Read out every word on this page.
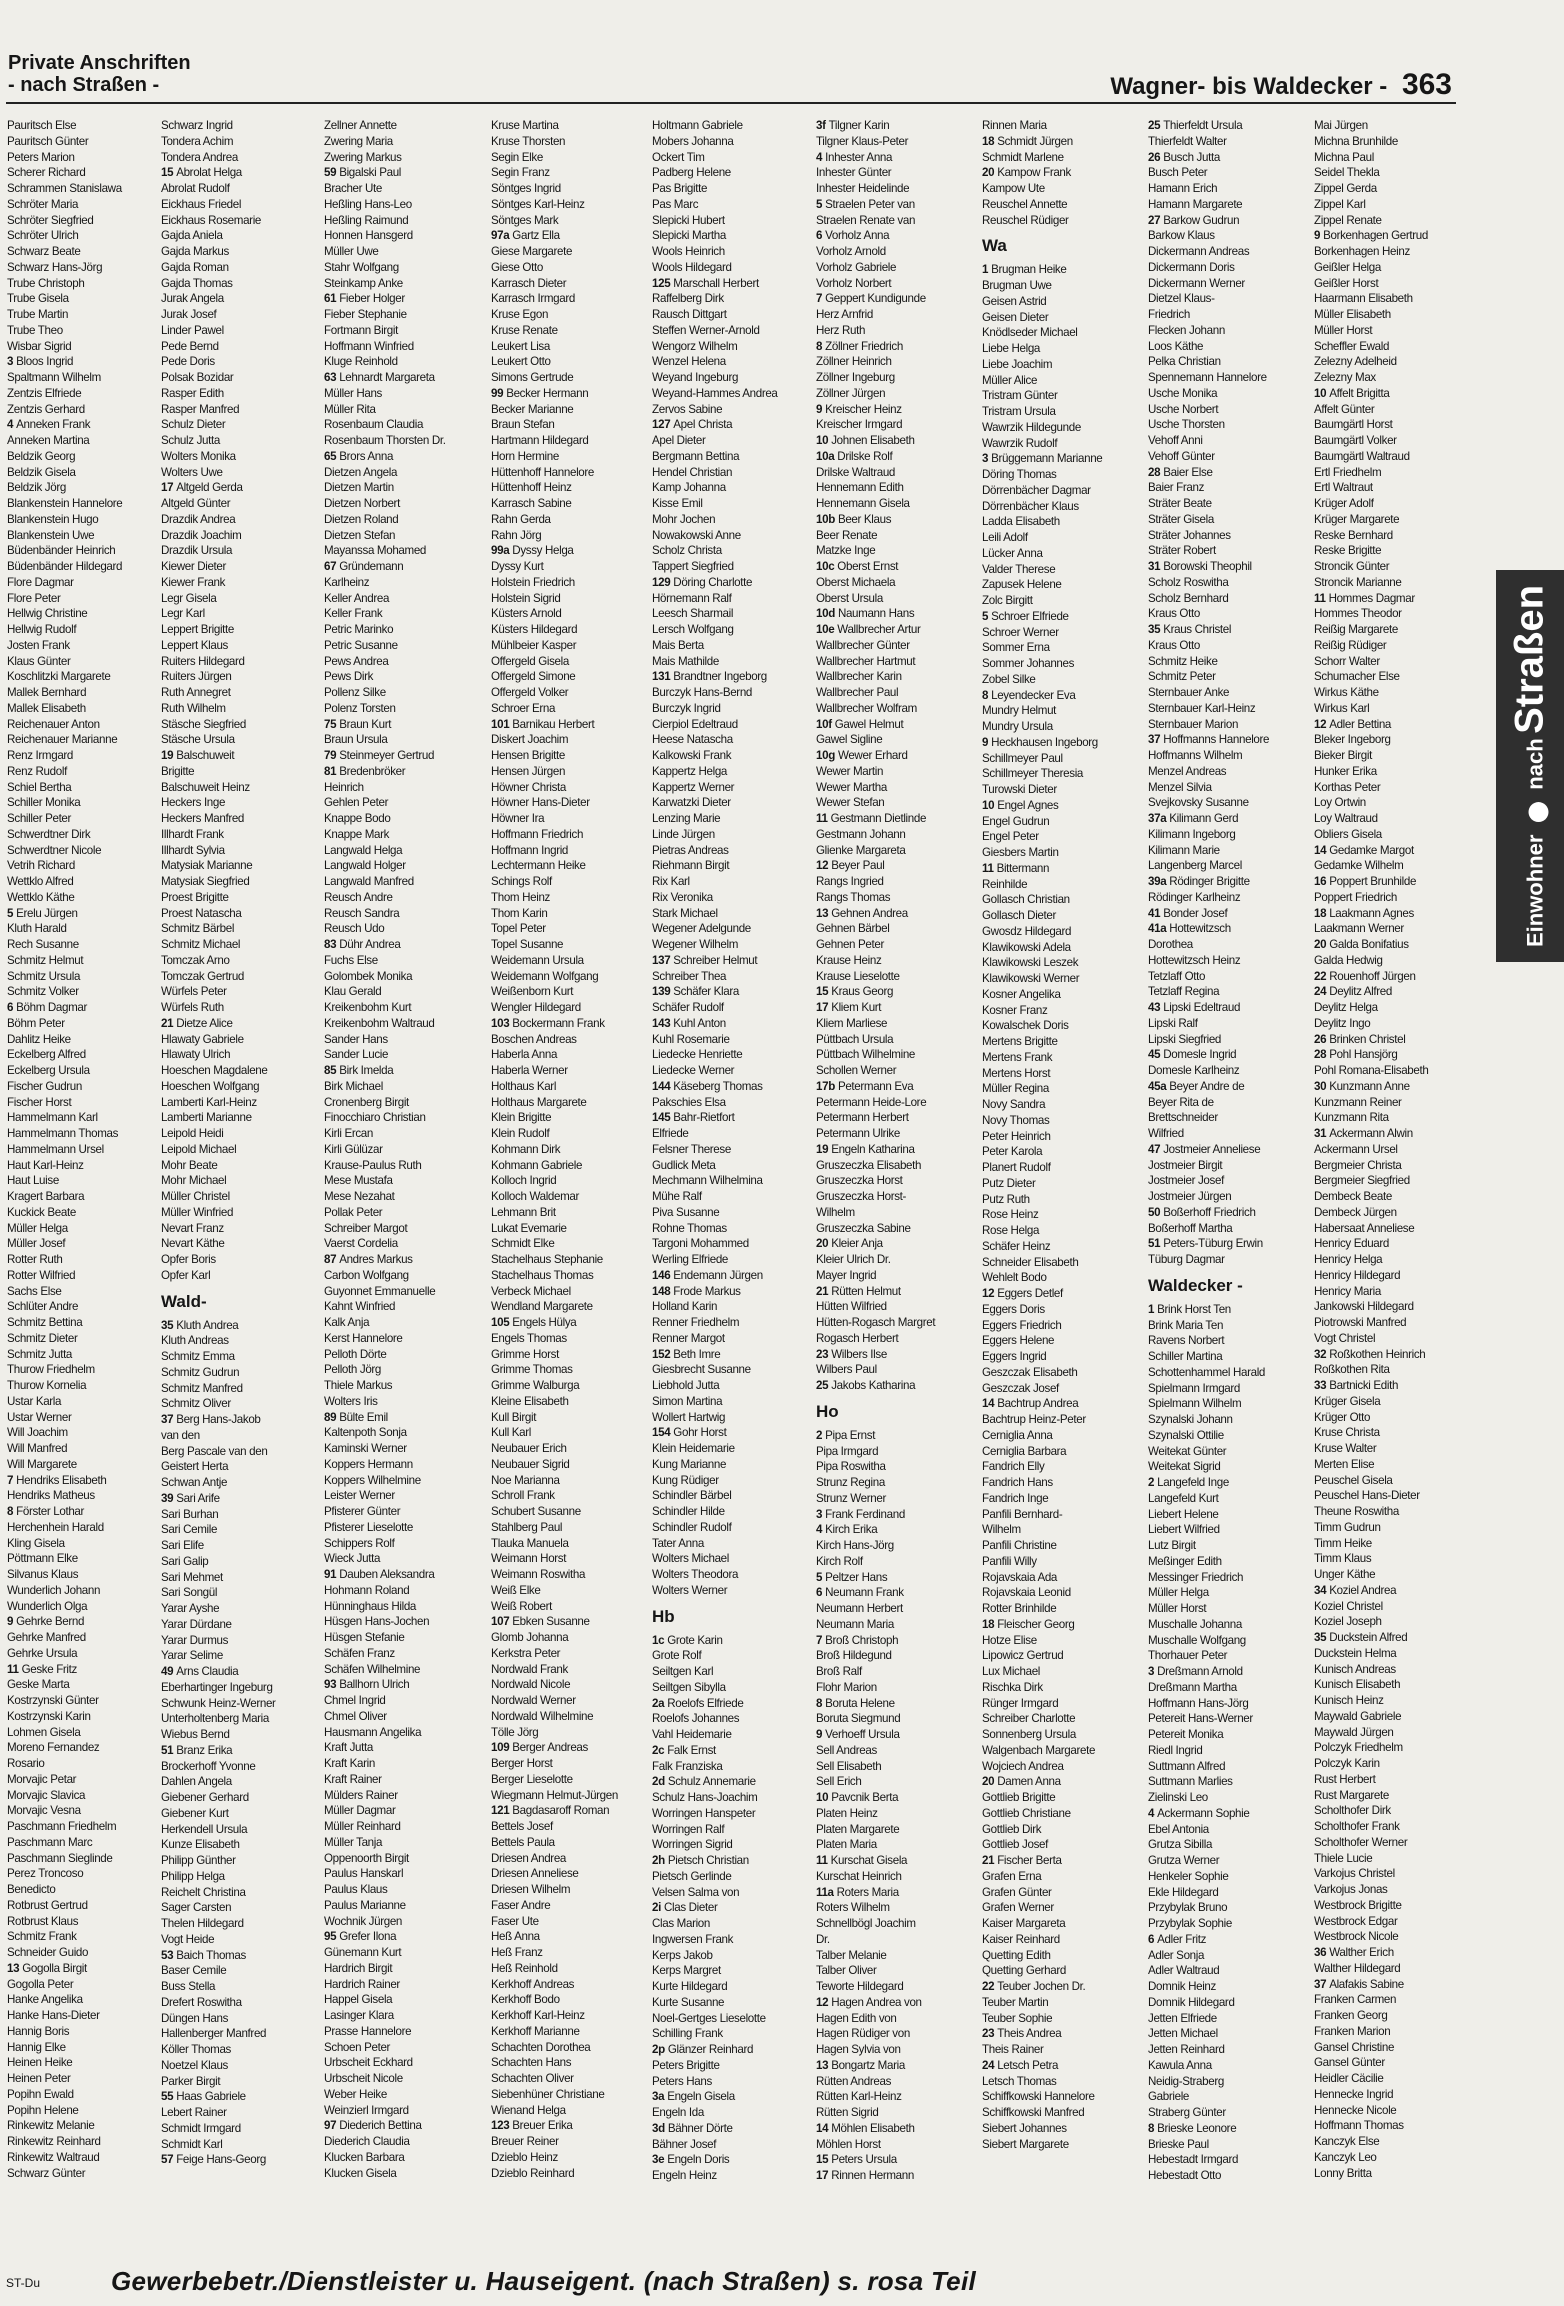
Private Anschriften
- nach Straßen -	Wagner- bis Waldecker - 363
Pauritsch Else
Pauritsch Günter
Peters Marion
Scherer Richard
Schrammen Stanislawa
Schröter Maria
Schröter Siegfried
Schröter Ulrich
Schwarz Beate
Schwarz Hans-Jörg
Trube Christoph
Trube Gisela
Trube Martin
Trube Theo
Wisbar Sigrid
3 Bloos Ingrid
Spaltmann Wilhelm
Zentzis Elfriede
Zentzis Gerhard
4 Anneken Frank
Anneken Martina
Beldzik Georg
Beldzik Gisela
Beldzik Jörg
Blankenstein Hannelore
Blankenstein Hugo
Blankenstein Uwe
Büdenbänder Heinrich
Büdenbänder Hildegard
Flore Dagmar
Flore Peter
Hellwig Christine
Hellwig Rudolf
Josten Frank
Klaus Günter
Koschlitzki Margarete
Mallek Bernhard
Mallek Elisabeth
Reichenauer Anton
Reichenauer Marianne
Renz Irmgard
Renz Rudolf
Schiel Bertha
Schiller Monika
Schiller Peter
Schwerdtner Dirk
Schwerdtner Nicole
Vetrih Richard
Wettklo Alfred
Wettklo Käthe
5 Erelu Jürgen
Kluth Harald
Rech Susanne
Schmitz Helmut
Schmitz Ursula
Schmitz Volker
6 Böhm Dagmar
Böhm Peter
Dahlitz Heike
Eckelberg Alfred
Eckelberg Ursula
Fischer Gudrun
Fischer Horst
Hammelmann Karl
Hammelmann Thomas
Hammelmann Ursel
Haut Karl-Heinz
Haut Luise
Kragert Barbara
Kuckick Beate
Müller Helga
Müller Josef
Rotter Ruth
Rotter Wilfried
Sachs Else
Schlüter Andre
Schmitz Bettina
Schmitz Dieter
Schmitz Jutta
Thurow Friedhelm
Thurow Kornelia
Ustar Karla
Ustar Werner
Will Joachim
Will Manfred
Will Margarete
7 Hendriks Elisabeth
Hendriks Matheus
8 Förster Lothar
Herchenhein Harald
Kling Gisela
Pöttmann Elke
Silvanus Klaus
Wunderlich Johann
Wunderlich Olga
9 Gehrke Bernd
Gehrke Manfred
Gehrke Ursula
11 Geske Fritz
Geske Marta
Kostrzynski Günter
Kostrzynski Karin
Lohmen Gisela
Moreno Fernandez
Rosario
Morvajic Petar
Morvajic Slavica
Morvajic Vesna
Paschmann Friedhelm
Paschmann Marc
Paschmann Sieglinde
Perez Troncoso
Benedicto
Rotbrust Gertrud
Rotbrust Klaus
Schmitz Frank
Schneider Guido
13 Gogolla Birgit
Gogolla Peter
Hanke Angelika
Hanke Hans-Dieter
Hannig Boris
Hannig Elke
Heinen Heike
Heinen Peter
Popihn Ewald
Popihn Helene
Rinkewitz Melanie
Rinkewitz Reinhard
Rinkewitz Waltraud
Schwarz Günter
Schwarz Ingrid
Tondera Achim
Tondera Andrea
15 Abrolat Helga
Abrolat Rudolf
Eickhaus Friedel
Eickhaus Rosemarie
Gajda Aniela
Gajda Markus
Gajda Roman
Gajda Thomas
Jurak Angela
Jurak Josef
Linder Pawel
Pede Bernd
Pede Doris
Polsak Bozidar
Rasper Edith
Rasper Manfred
Schulz Dieter
Schulz Jutta
Wolters Monika
Wolters Uwe
17 Altgeld Gerda
Altgeld Günter
Drazdik Andrea
Drazdik Joachim
Drazdik Ursula
Kiewer Dieter
Kiewer Frank
Legr Gisela
Legr Karl
Leppert Brigitte
Leppert Klaus
Ruiters Hildegard
Ruiters Jürgen
Ruth Annegret
Ruth Wilhelm
Stäsche Siegfried
Stäsche Ursula
19 Balschuweit
Brigitte
Balschuweit Heinz
Heckers Inge
Heckers Manfred
Illhardt Frank
Illhardt Sylvia
Matysiak Marianne
Matysiak Siegfried
Proest Brigitte
Proest Natascha
Schmitz Bärbel
Schmitz Michael
Tomczak Arno
Tomczak Gertrud
Würfels Peter
Würfels Ruth
21 Dietze Alice
Hlawaty Gabriele
Hlawaty Ulrich
Hoeschen Magdalene
Hoeschen Wolfgang
Lamberti Karl-Heinz
Lamberti Marianne
Leipold Heidi
Leipold Michael
Mohr Beate
Mohr Michael
Müller Christel
Müller Winfried
Nevart Franz
Nevart Käthe
Opfer Boris
Opfer Karl
Wald-
35 Kluth Andrea
Kluth Andreas
Schmitz Emma
Schmitz Gudrun
Schmitz Manfred
Schmitz Oliver
37 Berg Hans-Jakob
van den
Berg Pascale van den
Geistert Herta
Schwan Antje
39 Sari Arife
Sari Burhan
Sari Cemile
Sari Elife
Sari Galip
Sari Mehmet
Sari Songül
Yarar Ayshe
Yarar Dürdane
Yarar Durmus
Yarar Selime
49 Arns Claudia
Eberhartinger Ingeburg
Schwunk Heinz-Werner
Unterholtenberg Maria
Wiebus Bernd
51 Branz Erika
Brockerhoff Yvonne
Dahlen Angela
Giebener Gerhard
Giebener Kurt
Herkendell Ursula
Kunze Elisabeth
Philipp Günther
Philipp Helga
Reichelt Christina
Sager Carsten
Thelen Hildegard
Vogt Heide
53 Baich Thomas
Baser Cemile
Buss Stella
Drefert Roswitha
Düngen Hans
Hallenberger Manfred
Köller Thomas
Noetzel Klaus
Parker Birgit
55 Haas Gabriele
Lebert Rainer
Schmidt Irmgard
Schmidt Karl
57 Feige Hans-Georg
Zellner Annette
Zwering Maria
Zwering Markus
59 Bigalski Paul
Bracher Ute
Heßling Hans-Leo
Heßling Raimund
Honnen Hansgerd
Müller Uwe
Stahr Wolfgang
Steinkamp Anke
61 Fieber Holger
Fieber Stephanie
Fortmann Birgit
Hoffmann Winfried
Kluge Reinhold
63 Lehnardt Margareta
Müller Hans
Müller Rita
Rosenbaum Claudia
Rosenbaum Thorsten Dr.
65 Brors Anna
Dietzen Angela
Dietzen Martin
Dietzen Norbert
Dietzen Roland
Dietzen Stefan
Mayanssa Mohamed
67 Gründemann
Karlheinz
Keller Andrea
Keller Frank
Petric Marinko
Petric Susanne
Pews Andrea
Pews Dirk
Pollenz Silke
Polenz Torsten
75 Braun Kurt
Braun Ursula
79 Steinmeyer Gertrud
81 Bredenbröker
Heinrich
Gehlen Peter
Knappe Bodo
Knappe Mark
Langwald Helga
Langwald Holger
Langwald Manfred
Reusch Andre
Reusch Sandra
Reusch Udo
83 Dühr Andrea
Fuchs Else
Golombek Monika
Klau Gerald
Kreikenbohm Kurt
Kreikenbohm Waltraud
Sander Hans
Sander Lucie
85 Birk Imelda
Birk Michael
Cronenberg Birgit
Finocchiaro Christian
Kirli Ercan
Kirli Gülüzar
Krause-Paulus Ruth
Mese Mustafa
Mese Nezahat
Pollak Peter
Schreiber Margot
Vaerst Cordelia
87 Andres Markus
Carbon Wolfgang
Guyonnet Emmanuelle
Kahnt Winfried
Kalk Anja
Kerst Hannelore
Pelloth Dörte
Pelloth Jörg
Thiele Markus
Wolters Iris
89 Bülte Emil
Kaltenpoth Sonja
Kaminski Werner
Koppers Hermann
Koppers Wilhelmine
Leister Werner
Pfisterer Günter
Pfisterer Lieselotte
Schippers Rolf
Wieck Jutta
91 Dauben Aleksandra
Hohmann Roland
Hünninghaus Hilda
Hüsgen Hans-Jochen
Hüsgen Stefanie
Schäfen Franz
Schäfen Wilhelmine
93 Ballhorn Ulrich
Chmel Ingrid
Chmel Oliver
Hausmann Angelika
Kraft Jutta
Kraft Karin
Kraft Rainer
Mülders Rainer
Müller Dagmar
Müller Reinhard
Müller Tanja
Oppenoorth Birgit
Paulus Hanskarl
Paulus Klaus
Paulus Marianne
Wochnik Jürgen
95 Grefer Ilona
Günemann Kurt
Hardrich Birgit
Hardrich Rainer
Happel Gisela
Lasinger Klara
Prasse Hannelore
Schoen Peter
Urbscheit Eckhard
Urbscheit Nicole
Weber Heike
Weinzierl Irmgard
97 Diederich Bettina
Diederich Claudia
Klucken Barbara
Klucken Gisela
Kruse Martina
Kruse Thorsten
Segin Elke
Segin Franz
Söntges Ingrid
Söntges Karl-Heinz
Söntges Mark
97a Gartz Ella
Giese Margarete
Giese Otto
Karrasch Dieter
Karrasch Irmgard
Kruse Egon
Kruse Renate
Leukert Lisa
Leukert Otto
Simons Gertrude
99 Becker Hermann
Becker Marianne
Braun Stefan
Hartmann Hildegard
Horn Hermine
Hüttenhoff Hannelore
Hüttenhoff Heinz
Karrasch Sabine
Rahn Gerda
Rahn Jörg
99a Dyssy Helga
Dyssy Kurt
Holstein Friedrich
Holstein Sigrid
Küsters Arnold
Küsters Hildegard
Mühlbeier Kasper
Offergeld Gisela
Offergeld Simone
Offergeld Volker
Schroer Erna
101 Barnikau Herbert
Diskert Joachim
Hensen Brigitte
Hensen Jürgen
Höwner Christa
Höwner Hans-Dieter
Höwner Ira
Hoffmann Friedrich
Hoffmann Ingrid
Lechtermann Heike
Schings Rolf
Thom Heinz
Thom Karin
Topel Peter
Topel Susanne
Weidemann Ursula
Weidemann Wolfgang
Weißenborn Kurt
Wengler Hildegard
103 Bockermann Frank
Boschen Andreas
Haberla Anna
Haberla Werner
Holthaus Karl
Holthaus Margarete
Klein Brigitte
Klein Rudolf
Kohmann Dirk
Kohmann Gabriele
Kolloch Ingrid
Kolloch Waldemar
Lehmann Brit
Lukat Evemarie
Schmidt Elke
Stachelhaus Stephanie
Stachelhaus Thomas
Verbeck Michael
Wendland Margarete
105 Engels Hülya
Engels Thomas
Grimme Horst
Grimme Thomas
Grimme Walburga
Kleine Elisabeth
Kull Birgit
Kull Karl
Neubauer Erich
Neubauer Sigrid
Noe Marianna
Schroll Frank
Schubert Susanne
Stahlberg Paul
Tlauka Manuela
Weimann Horst
Weimann Roswitha
Weiß Elke
Weiß Robert
107 Ebken Susanne
Glomb Johanna
Kerkstra Peter
Nordwald Frank
Nordwald Nicole
Nordwald Werner
Nordwald Wilhelmine
Tölle Jörg
109 Berger Andreas
Berger Horst
Berger Lieselotte
Wiegmann Helmut-Jürgen
121 Bagdasaroff Roman
Bettels Josef
Bettels Paula
Driesen Andrea
Driesen Anneliese
Driesen Wilhelm
Faser Andre
Faser Ute
Heß Anna
Heß Franz
Heß Reinhold
Kerkhoff Andreas
Kerkhoff Bodo
Kerkhoff Karl-Heinz
Kerkhoff Marianne
Schachten Dorothea
Schachten Hans
Schachten Oliver
Siebenhüner Christiane
Wienand Helga
123 Breuer Erika
Breuer Reiner
Dzieblo Heinz
Dzieblo Reinhard
Holtmann Gabriele
Mobers Johanna
Ockert Tim
Padberg Helene
Pas Brigitte
Pas Marc
Slepicki Hubert
Slepicki Martha
Wools Heinrich
Wools Hildegard
125 Marschall Herbert
Raffelberg Dirk
Rausch Dittgart
Steffen Werner-Arnold
Wengorz Wilhelm
Wenzel Helena
Weyand Ingeburg
Weyand-Hammes Andrea
Zervos Sabine
127 Apel Christa
Apel Dieter
Bergmann Bettina
Hendel Christian
Kamp Johanna
Kisse Emil
Mohr Jochen
Nowakowski Anne
Scholz Christa
Tappert Siegfried
129 Döring Charlotte
Hörnemann Ralf
Leesch Sharmail
Lersch Wolfgang
Mais Berta
Mais Mathilde
131 Brandtner Ingeborg
Burczyk Hans-Bernd
Burczyk Ingrid
Cierpiol Edeltraud
Heese Natascha
Kalkowski Frank
Kappertz Helga
Kappertz Werner
Karwatzki Dieter
Lenzing Marie
Linde Jürgen
Pietras Andreas
Riehmann Birgit
Rix Karl
Rix Veronika
Stark Michael
Wegener Adelgunde
Wegener Wilhelm
137 Schreiber Helmut
Schreiber Thea
139 Schäfer Klara
Schäfer Rudolf
143 Kuhl Anton
Kuhl Rosemarie
Liedecke Henriette
Liedecke Werner
144 Käseberg Thomas
Pakschies Elsa
145 Bahr-Rietfort
Elfriede
Felsner Therese
Gudlick Meta
Mechmann Wilhelmina
Mühe Ralf
Piva Susanne
Rohne Thomas
Targoni Mohammed
Werling Elfriede
146 Endemann Jürgen
148 Frode Markus
Holland Karin
Renner Friedhelm
Renner Margot
152 Beth Imre
Giesbrecht Susanne
Liebhold Jutta
Simon Martina
Wollert Hartwig
154 Gohr Horst
Klein Heidemarie
Kung Marianne
Kung Rüdiger
Schindler Bärbel
Schindler Hilde
Schindler Rudolf
Tater Anna
Wolters Michael
Wolters Theodora
Wolters Werner
Hb
1c Grote Karin
Grote Rolf
Seiltgen Karl
Seiltgen Sibylla
2a Roelofs Elfriede
Roelofs Johannes
Vahl Heidemarie
2c Falk Ernst
Falk Franziska
2d Schulz Annemarie
Schulz Hans-Joachim
Worringen Hanspeter
Worringen Ralf
Worringen Sigrid
2h Pietsch Christian
Pietsch Gerlinde
Velsen Salma von
2i Clas Dieter
Clas Marion
Ingwersen Frank
Kerps Jakob
Kerps Margret
Kurte Hildegard
Kurte Susanne
Noel-Gertges Lieselotte
Schilling Frank
2p Glänzer Reinhard
Peters Brigitte
Peters Hans
3a Engeln Gisela
Engeln Ida
3d Bähner Dörte
Bähner Josef
3e Engeln Doris
Engeln Heinz
3f Tilgner Karin
Tilgner Klaus-Peter
4 Inhester Anna
Inhester Günter
Inhester Heidelinde
5 Straelen Peter van
Straelen Renate van
6 Vorholz Anna
Vorholz Arnold
Vorholz Gabriele
Vorholz Norbert
7 Geppert Kundigunde
Herz Arnfrid
Herz Ruth
8 Zöllner Friedrich
Zöllner Heinrich
Zöllner Ingeburg
Zöllner Jürgen
9 Kreischer Heinz
Kreischer Irmgard
10 Johnen Elisabeth
10a Drilske Rolf
Drilske Waltraud
Hennemann Edith
Hennemann Gisela
10b Beer Klaus
Beer Renate
Matzke Inge
10c Oberst Ernst
Oberst Michaela
Oberst Ursula
10d Naumann Hans
10e Wallbrecher Artur
Wallbrecher Günter
Wallbrecher Hartmut
Wallbrecher Karin
Wallbrecher Paul
Wallbrecher Wolfram
10f Gawel Helmut
Gawel Sigline
10g Wewer Erhard
Wewer Martin
Wewer Martha
Wewer Stefan
11 Gestmann Dietlinde
Gestmann Johann
Glienke Margareta
12 Beyer Paul
Rangs Ingried
Rangs Thomas
13 Gehnen Andrea
Gehnen Bärbel
Gehnen Peter
Krause Heinz
Krause Lieselotte
15 Kraus Georg
17 Kliem Kurt
Kliem Marliese
Püttbach Ursula
Püttbach Wilhelmine
Schollen Werner
17b Petermann Eva
Petermann Heide-Lore
Petermann Herbert
Petermann Ulrike
19 Engeln Katharina
Gruszeczka Elisabeth
Gruszeczka Horst
Gruszeczka Horst-
Wilhelm
Gruszeczka Sabine
20 Kleier Anja
Kleier Ulrich Dr.
Mayer Ingrid
21 Rütten Helmut
Hütten Wilfried
Hütten-Rogasch Margret
Rogasch Herbert
23 Wilbers Ilse
Wilbers Paul
25 Jakobs Katharina
Ho
2 Pipa Ernst
Pipa Irmgard
Pipa Roswitha
Strunz Regina
Strunz Werner
3 Frank Ferdinand
4 Kirch Erika
Kirch Hans-Jörg
Kirch Rolf
5 Peltzer Hans
6 Neumann Frank
Neumann Herbert
Neumann Maria
7 Broß Christoph
Broß Hildegund
Broß Ralf
Flohr Marion
8 Boruta Helene
Boruta Siegmund
9 Verhoeff Ursula
Sell Andreas
Sell Elisabeth
Sell Erich
10 Pavcnik Berta
Platen Heinz
Platen Margarete
Platen Maria
11 Kurschat Gisela
Kurschat Heinrich
11a Roters Maria
Roters Wilhelm
Schnellbögl Joachim
Dr.
Talber Melanie
Talber Oliver
Teworte Hildegard
12 Hagen Andrea von
Hagen Edith von
Hagen Rüdiger von
Hagen Sylvia von
13 Bongartz Maria
Rütten Andreas
Rütten Karl-Heinz
Rütten Sigrid
14 Möhlen Elisabeth
Möhlen Horst
15 Peters Ursula
17 Rinnen Hermann
Rinnen Maria
18 Schmidt Jürgen
Schmidt Marlene
20 Kampow Frank
Kampow Ute
Reuschel Annette
Reuschel Rüdiger
Wa
1 Brugman Heike
Brugman Uwe
Geisen Astrid
Geisen Dieter
Knödlseder Michael
Liebe Helga
Liebe Joachim
Müller Alice
Tristram Günter
Tristram Ursula
Wawrzik Hildegunde
Wawrzik Rudolf
3 Brüggemann Marianne
Döring Thomas
Dörrenbächer Dagmar
Dörrenbächer Klaus
Ladda Elisabeth
Leili Adolf
Lücker Anna
Valder Therese
Zapusek Helene
Zolc Birgitt
5 Schroer Elfriede
Schroer Werner
Sommer Erna
Sommer Johannes
Zobel Silke
8 Leyendecker Eva
Mundry Helmut
Mundry Ursula
9 Heckhausen Ingeborg
Schillmeyer Paul
Schillmeyer Theresia
Turowski Dieter
10 Engel Agnes
Engel Gudrun
Engel Peter
Giesbers Martin
11 Bittermann
Reinhilde
Gollasch Christian
Gollasch Dieter
Gwosdz Hildegard
Klawikowski Adela
Klawikowski Leszek
Klawikowski Werner
Kosner Angelika
Kosner Franz
Kowalschek Doris
Mertens Brigitte
Mertens Frank
Mertens Horst
Müller Regina
Novy Sandra
Novy Thomas
Peter Heinrich
Peter Karola
Planert Rudolf
Putz Dieter
Putz Ruth
Rose Heinz
Rose Helga
Schäfer Heinz
Schneider Elisabeth
Wehlelt Bodo
12 Eggers Detlef
Eggers Doris
Eggers Friedrich
Eggers Helene
Eggers Ingrid
Geszczak Elisabeth
Geszczak Josef
14 Bachtrup Andrea
Bachtrup Heinz-Peter
Cerniglia Anna
Cerniglia Barbara
Fandrich Elly
Fandrich Hans
Fandrich Inge
Panfili Bernhard-
Wilhelm
Panfili Christine
Panfili Willy
Rojavskaia Ada
Rojavskaia Leonid
Rotter Brinhilde
18 Fleischer Georg
Hotze Elise
Lipowicz Gertrud
Lux Michael
Rischka Dirk
Rünger Irmgard
Schreiber Charlotte
Sonnenberg Ursula
Walgenbach Margarete
Wojciech Andrea
20 Damen Anna
Gottlieb Brigitte
Gottlieb Christiane
Gottlieb Dirk
Gottlieb Josef
21 Fischer Berta
Grafen Erna
Grafen Günter
Grafen Werner
Kaiser Margareta
Kaiser Reinhard
Quetting Edith
Quetting Gerhard
22 Teuber Jochen Dr.
Teuber Martin
Teuber Sophie
23 Theis Andrea
Theis Rainer
24 Letsch Petra
Letsch Thomas
Schiffkowski Hannelore
Schiffkowski Manfred
Siebert Johannes
Siebert Margarete
25 Thierfeldt Ursula
Thierfeldt Walter
26 Busch Jutta
Busch Peter
Hamann Erich
Hamann Margarete
27 Barkow Gudrun
Barkow Klaus
Dickermann Andreas
Dickermann Doris
Dickermann Werner
Dietzel Klaus-
Friedrich
Flecken Johann
Loos Käthe
Pelka Christian
Spennemann Hannelore
Usche Monika
Usche Norbert
Usche Thorsten
Vehoff Anni
Vehoff Günter
28 Baier Else
Baier Franz
Sträter Beate
Sträter Gisela
Sträter Johannes
Sträter Robert
31 Borowski Theophil
Scholz Roswitha
Scholz Bernhard
Kraus Otto
35 Kraus Christel
Kraus Otto
Schmitz Heike
Schmitz Peter
Sternbauer Anke
Sternbauer Karl-Heinz
Sternbauer Marion
37 Hoffmanns Hannelore
Hoffmanns Wilhelm
Menzel Andreas
Menzel Silvia
Svejkovsky Susanne
37a Kilimann Gerd
Kilimann Ingeborg
Kilimann Marie
Langenberg Marcel
39a Rödinger Brigitte
Rödinger Karlheinz
41 Bonder Josef
41a Hottewitzsch
Dorothea
Hottewitzsch Heinz
Tetzlaff Otto
Tetzlaff Regina
43 Lipski Edeltraud
Lipski Ralf
Lipski Siegfried
45 Domesle Ingrid
Domesle Karlheinz
45a Beyer Andre de
Beyer Rita de
Brettschneider
Wilfried
47 Jostmeier Anneliese
Jostmeier Birgit
Jostmeier Josef
Jostmeier Jürgen
50 Boßerhoff Friedrich
Boßerhoff Martha
51 Peters-Tüburg Erwin
Tüburg Dagmar
Waldecker -
1 Brink Horst Ten
Brink Maria Ten
Ravens Norbert
Schiller Martina
Schottenhammel Harald
Spielmann Irmgard
Spielmann Wilhelm
Szynalski Johann
Szynalski Ottilie
Weitekat Günter
Weitekat Sigrid
2 Langefeld Inge
Langefeld Kurt
Liebert Helene
Liebert Wilfried
Lutz Birgit
Meßinger Edith
Messinger Friedrich
Müller Helga
Müller Horst
Muschalle Johanna
Muschalle Wolfgang
Thorhauer Peter
3 Dreßmann Arnold
Dreßmann Martha
Hoffmann Hans-Jörg
Petereit Hans-Werner
Petereit Monika
Riedl Ingrid
Suttmann Alfred
Suttmann Marlies
Zielinski Leo
4 Ackermann Sophie
Ebel Antonia
Grutza Sibilla
Grutza Werner
Henkeler Sophie
Ekle Hildegard
Przybylak Bruno
Przybylak Sophie
6 Adler Fritz
Adler Sonja
Adler Waltraud
Domnik Heinz
Domnik Hildegard
Jetten Elfriede
Jetten Michael
Jetten Reinhard
Kawula Anna
Neidig-Straberg
Gabriele
Straberg Günter
8 Brieske Leonore
Brieske Paul
Hebestadt Irmgard
Hebestadt Otto
Mai Jürgen
Michna Brunhilde
Michna Paul
Seidel Thekla
Zippel Gerda
Zippel Karl
Zippel Renate
9 Borkenhagen Gertrud
Borkenhagen Heinz
Geißler Helga
Geißler Horst
Haarmann Elisabeth
Müller Elisabeth
Müller Horst
Scheffler Ewald
Zelezny Adelheid
Zelezny Max
10 Affelt Brigitta
Affelt Günter
Baumgärtl Horst
Baumgärtl Volker
Baumgärtl Waltraud
Ertl Friedhelm
Ertl Waltraut
Krüger Adolf
Krüger Margarete
Reske Bernhard
Reske Brigitte
Stroncik Günter
Stroncik Marianne
11 Hommes Dagmar
Hommes Theodor
Reißig Margarete
Reißig Rüdiger
Schorr Walter
Schumacher Else
Wirkus Käthe
Wirkus Karl
12 Adler Bettina
Bleker Ingeborg
Bieker Birgit
Hunker Erika
Korthas Peter
Loy Ortwin
Loy Waltraud
Obliers Gisela
14 Gedamke Margot
Gedamke Wilhelm
16 Poppert Brunhilde
Poppert Friedrich
18 Laakmann Agnes
Laakmann Werner
20 Galda Bonifatius
Galda Hedwig
22 Rouenhoff Jürgen
24 Deylitz Alfred
Deylitz Helga
Deylitz Ingo
26 Brinken Christel
28 Pohl Hansjörg
Pohl Romana-Elisabeth
30 Kunzmann Anne
Kunzmann Reiner
Kunzmann Rita
31 Ackermann Alwin
Ackermann Ursel
Bergmeier Christa
Bergmeier Siegfried
Dembeck Beate
Dembeck Jürgen
Habersaat Anneliese
Henricy Eduard
Henricy Helga
Henricy Hildegard
Henricy Maria
Jankowski Hildegard
Piotrowski Manfred
Vogt Christel
32 Roßkothen Heinrich
Roßkothen Rita
33 Bartnicki Edith
Krüger Gisela
Krüger Otto
Kruse Christa
Kruse Walter
Merten Elise
Peuschel Gisela
Peuschel Hans-Dieter
Theune Roswitha
Timm Gudrun
Timm Heike
Timm Klaus
Unger Käthe
34 Koziel Andrea
Koziel Christel
Koziel Joseph
35 Duckstein Alfred
Duckstein Helma
Kunisch Andreas
Kunisch Elisabeth
Kunisch Heinz
Maywald Gabriele
Maywald Jürgen
Polczyk Friedhelm
Polczyk Karin
Rust Herbert
Rust Margarete
Scholthofer Dirk
Scholthofer Frank
Scholthofer Werner
Thiele Lucie
Varkojus Christel
Varkojus Jonas
Westbrock Brigitte
Westbrock Edgar
Westbrock Nicole
36 Walther Erich
Walther Hildegard
37 Alafakis Sabine
Franken Carmen
Franken Georg
Franken Marion
Gansel Christine
Gansel Günter
Heidler Cäcilie
Hennecke Ingrid
Hennecke Nicole
Hoffmann Thomas
Kanczyk Else
Kanczyk Leo
Lonny Britta
Einwohner  nach Straßen
ST-Du	Gewerbebetr./Dienstleister u. Hauseigent. (nach Straßen) s. rosa Teil
